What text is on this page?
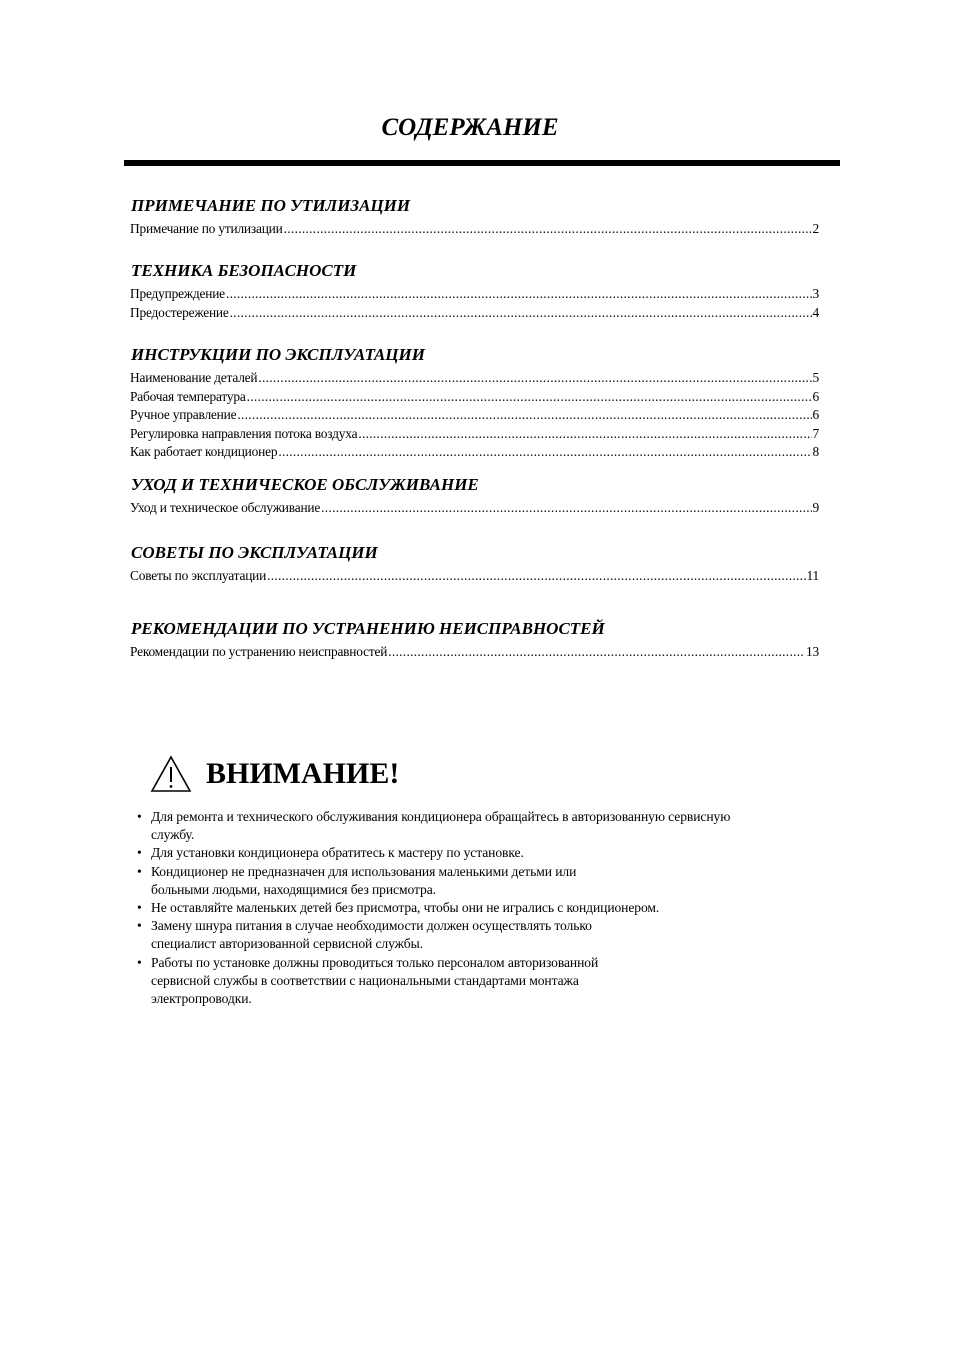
СОДЕРЖАНИЕ
ПРИМЕЧАНИЕ ПО УТИЛИЗАЦИИ
Примечание по утилизации .....	2
ТЕХНИКА БЕЗОПАСНОСТИ
Предупреждение .....	3
Предостережение .....	4
ИНСТРУКЦИИ ПО ЭКСПЛУАТАЦИИ
Наименование деталей .....	5
Рабочая температура .....	6
Ручное управление .....	6
Регулировка направления потока воздуха .....	7
Как работает кондиционер .....	8
УХОД И ТЕХНИЧЕСКОЕ ОБСЛУЖИВАНИЕ
Уход и техническое обслуживание .....	9
СОВЕТЫ ПО ЭКСПЛУАТАЦИИ
Советы по эксплуатации .....	11
РЕКОМЕНДАЦИИ ПО УСТРАНЕНИЮ НЕИСПРАВНОСТЕЙ
Рекомендации по устранению неисправностей .....	13
ВНИМАНИЕ!
• Для ремонта и технического обслуживания кондиционера обращайтесь в авторизованную сервисную
службу.
• Для установки кондиционера обратитесь к мастеру по установке.
• Кондиционер не предназначен для использования маленькими детьми или
больными людьми, находящимися без присмотра.
• Не оставляйте маленьких детей без присмотра, чтобы они не игрались с кондиционером.
• Замену шнура питания в случае необходимости должен осуществлять только
специалист авторизованной сервисной службы.
• Работы по установке должны проводиться только персоналом авторизованной
сервисной службы в соответствии с национальными стандартами монтажа
электропроводки.
